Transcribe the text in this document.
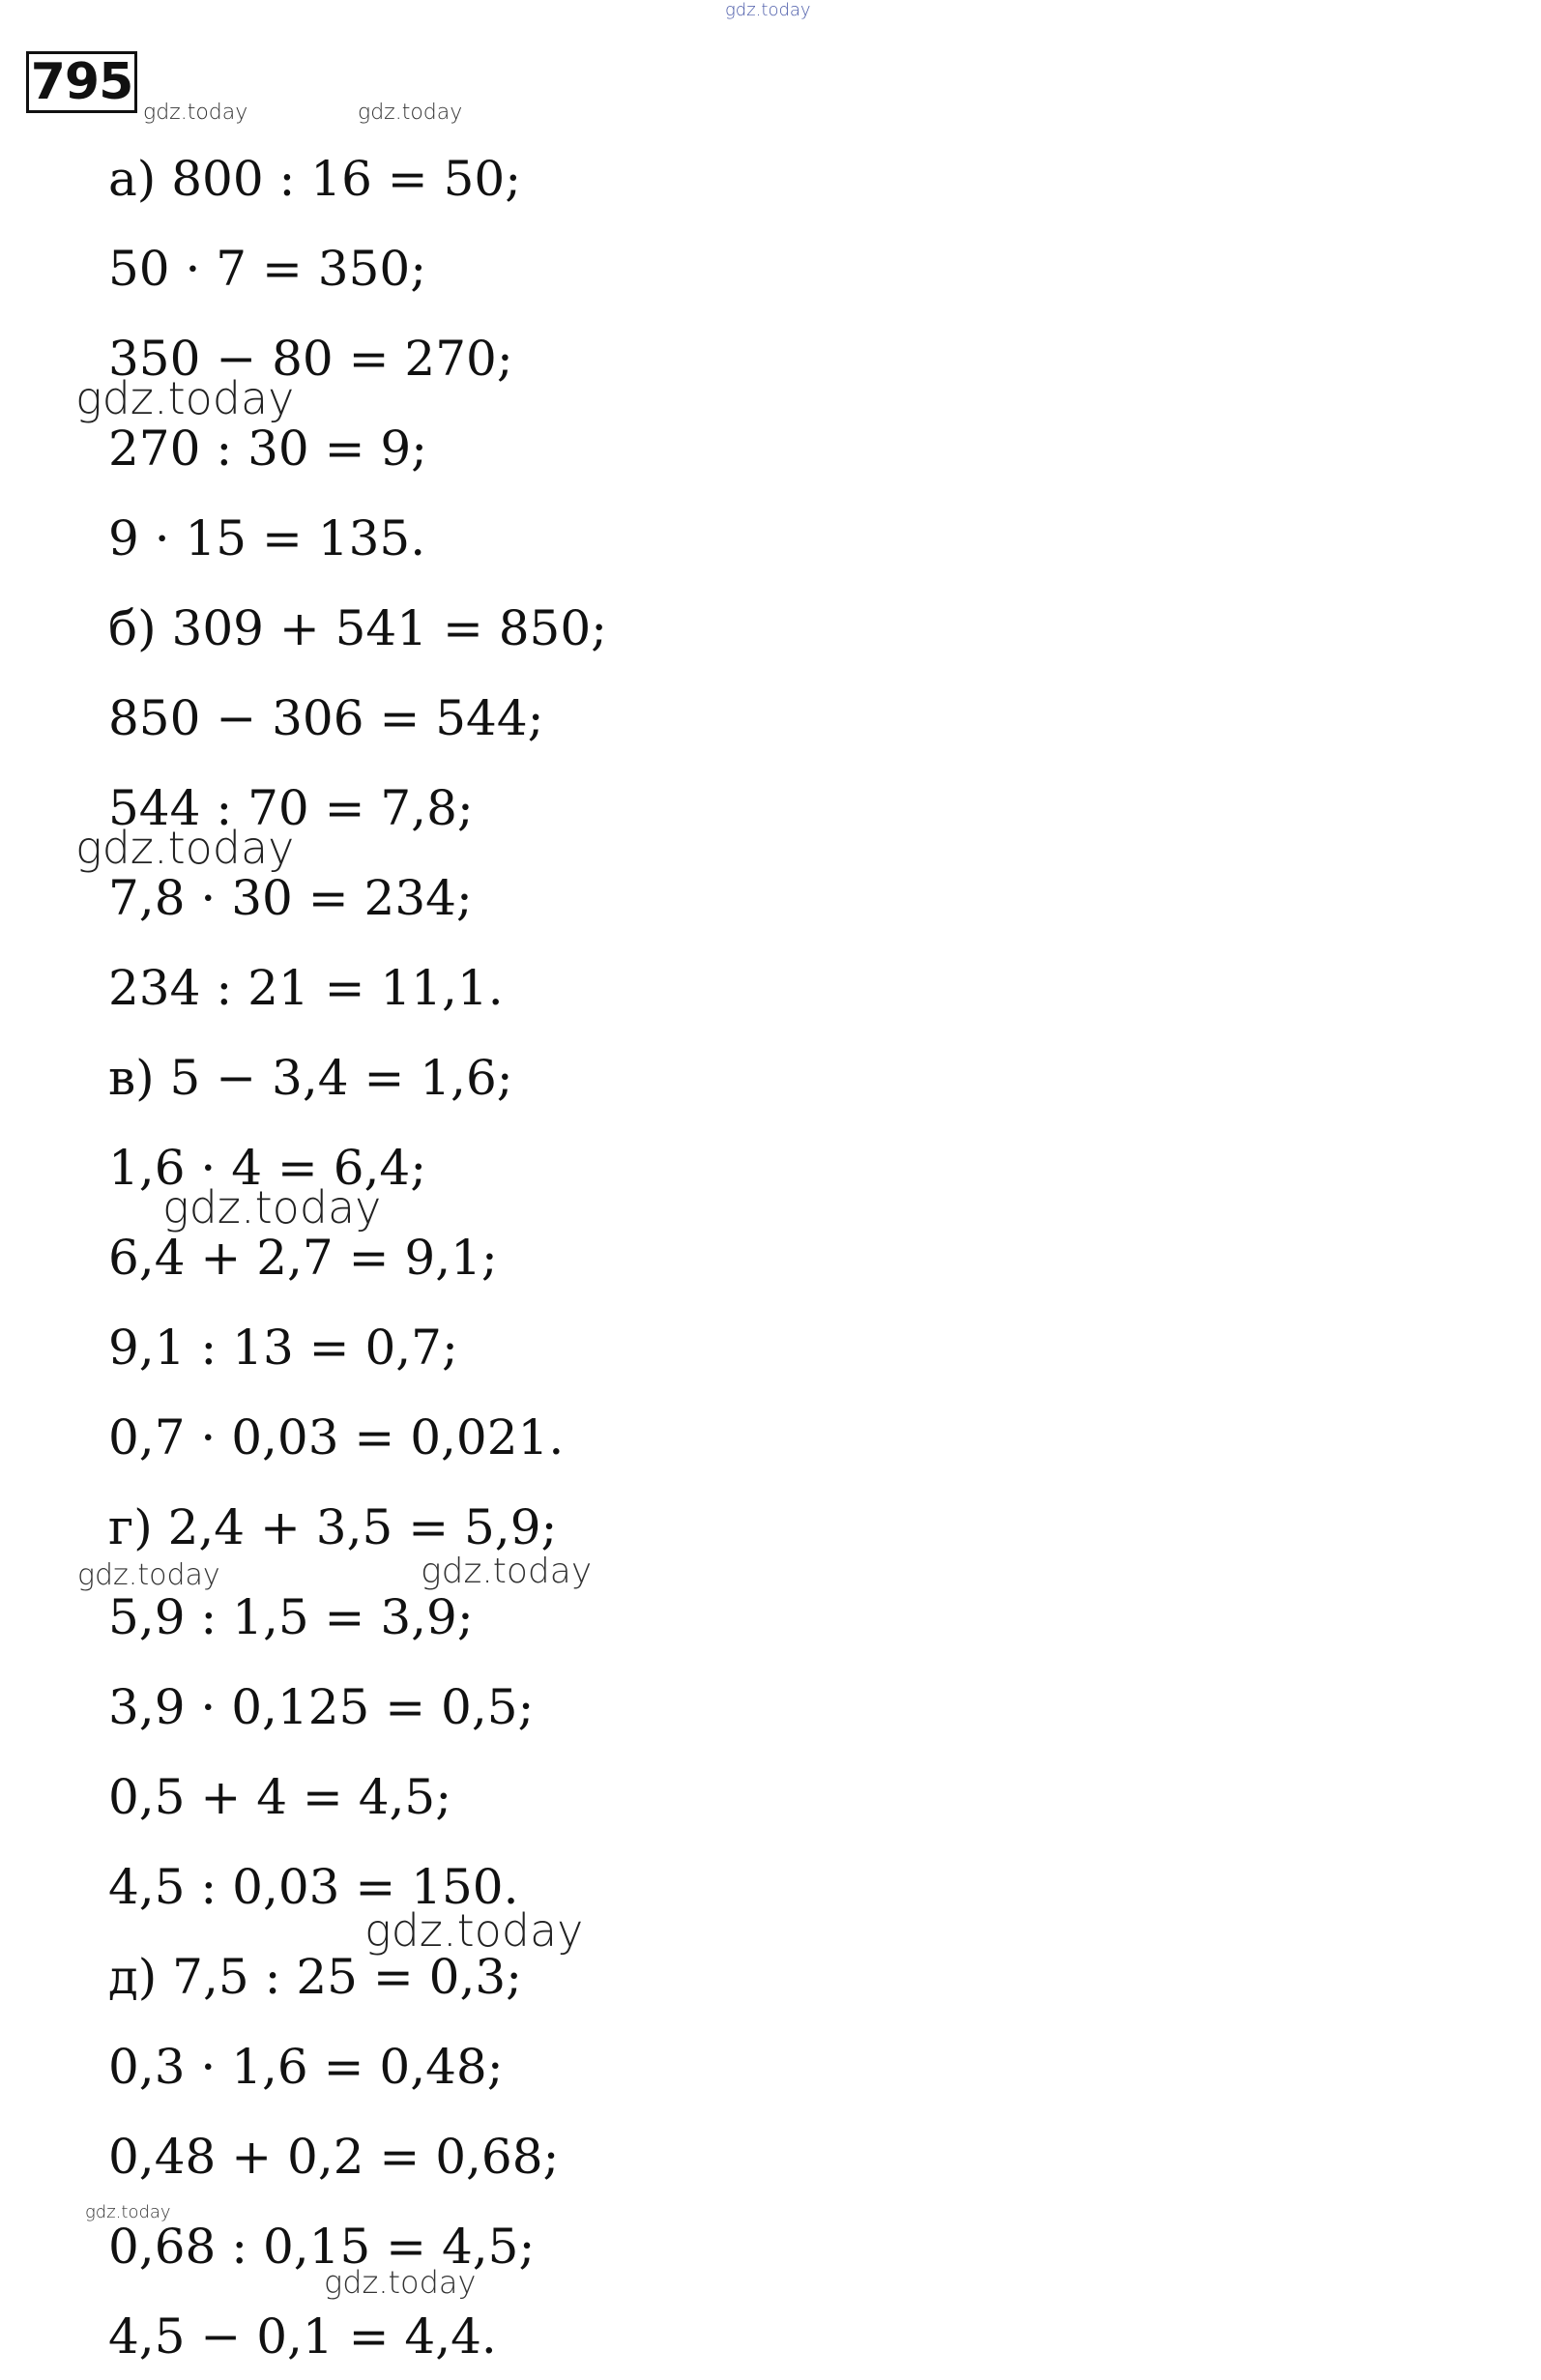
gdz.today
795
gdz.today	gdz.today
а) 800 : 16 = 50;
50 · 7 = 350;
350 − 80 = 270;
270 : 30 = 9;
9 · 15 = 135.
б) 309 + 541 = 850;
850 − 306 = 544;
544 : 70 = 7,8;
7,8 · 30 = 234;
234 : 21 = 11,1.
в) 5 − 3,4 = 1,6;
1,6 · 4 = 6,4;
6,4 + 2,7 = 9,1;
9,1 : 13 = 0,7;
0,7 · 0,03 = 0,021.
г) 2,4 + 3,5 = 5,9;
5,9 : 1,5 = 3,9;
3,9 · 0,125 = 0,5;
0,5 + 4 = 4,5;
4,5 : 0,03 = 150.
д) 7,5 : 25 = 0,3;
0,3 · 1,6 = 0,48;
0,48 + 0,2 = 0,68;
0,68 : 0,15 = 4,5;
4,5 − 0,1 = 4,4.
gdz.today
gdz.today
gdz.today
gdz.today	gdz.today
gdz.today
gdz.today
gdz.today
